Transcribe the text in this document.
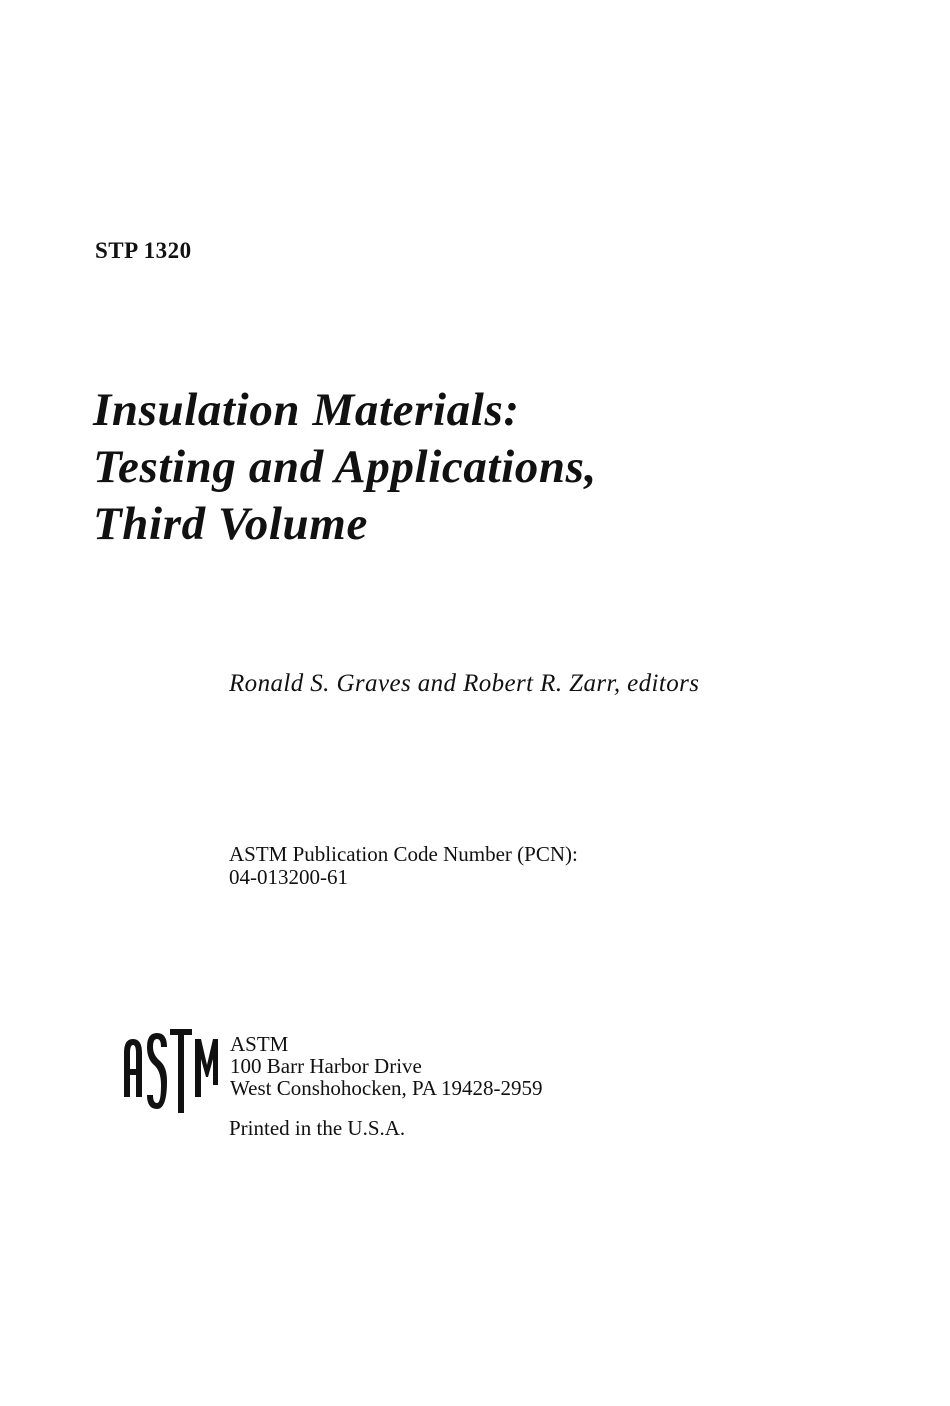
STP 1320

Insulation Materials:
Testing and Applications,
Third Volume

Ronald S. Graves and Robert R. Zarr, editors

ASTM Publication Code Number (PCN):
04-013200-61

ASTM
100 Barr Harbor Drive
West Conshohocken, PA 19428-2959

Printed in the U.S.A.
